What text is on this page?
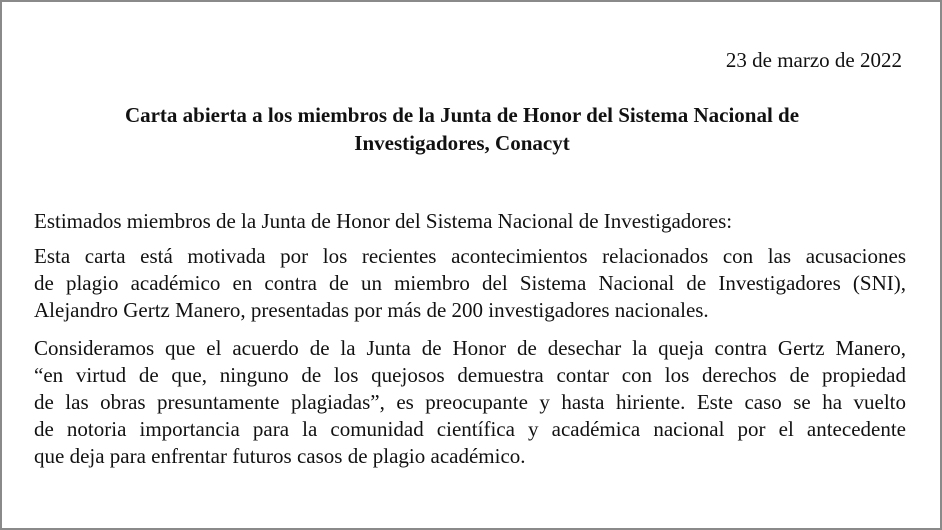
23 de marzo de 2022
Carta abierta a los miembros de la Junta de Honor del Sistema Nacional de
Investigadores, Conacyt

Estimados miembros de la Junta de Honor del Sistema Nacional de Investigadores:

Esta carta está motivada por los recientes acontecimientos relacionados con las acusaciones
de plagio académico en contra de un miembro del Sistema Nacional de Investigadores (SNI),
Alejandro Gertz Manero, presentadas por más de 200 investigadores nacionales.

Consideramos que el acuerdo de la Junta de Honor de desechar la queja contra Gertz Manero,
“en virtud de que, ninguno de los quejosos demuestra contar con los derechos de propiedad
de las obras presuntamente plagiadas”, es preocupante y hasta hiriente. Este caso se ha vuelto
de notoria importancia para la comunidad científica y académica nacional por el antecedente
que deja para enfrentar futuros casos de plagio académico.
